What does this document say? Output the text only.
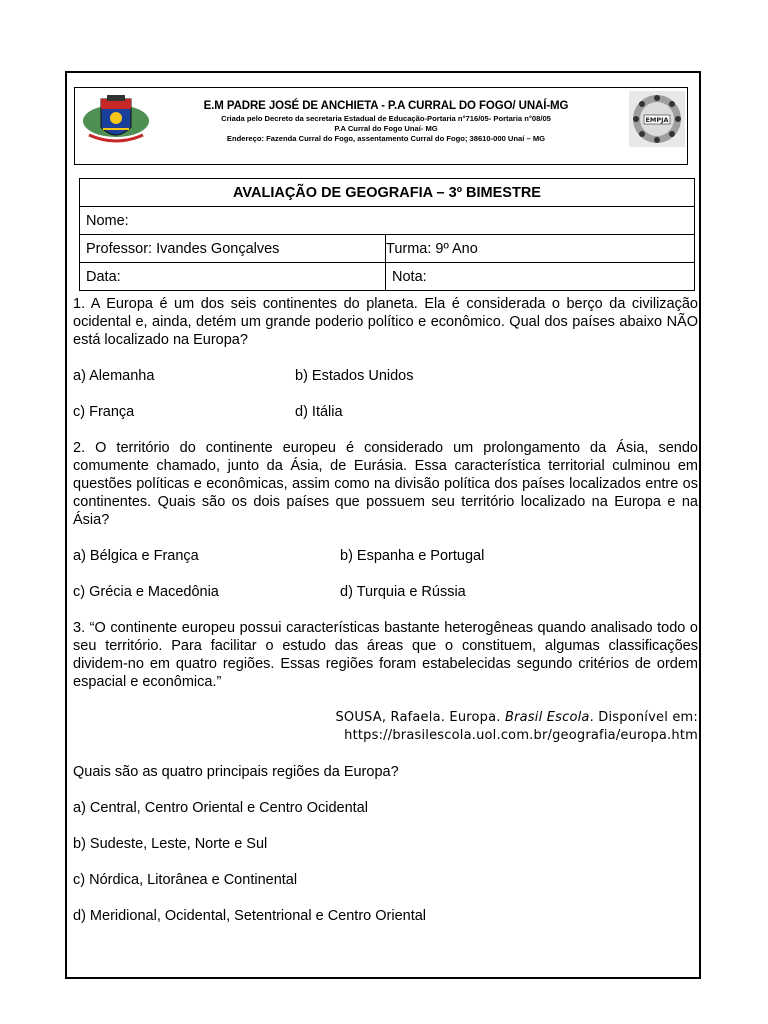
E.M PADRE JOSÉ DE ANCHIETA - P.A CURRAL DO FOGO/ UNAÍ-MG
Criada pelo Decreto da secretaria Estadual de Educação-Portaria n°716/05- Portaria n°08/05
P.A Curral do Fogo Unaí- MG
Endereço: Fazenda Curral do Fogo, assentamento Curral do Fogo; 38610-000 Unaí – MG
EMPJA
AVALIAÇÃO DE GEOGRAFIA – 3º BIMESTRE	
Nome:	
Professor: Ivandes Gonçalves	Turma: 9º Ano
Data:	Nota:

1. A Europa é um dos seis continentes do planeta. Ela é considerada o berço da civilização ocidental e, ainda, detém um grande poderio político e econômico. Qual dos países abaixo NÃO está localizado na Europa?

a) Alemanha	b) Estados Unidos
c) França	d) Itália

2. O território do continente europeu é considerado um prolongamento da Ásia, sendo comumente chamado, junto da Ásia, de Eurásia. Essa característica territorial culminou em questões políticas e econômicas, assim como na divisão política dos países localizados entre os continentes. Quais são os dois países que possuem seu território localizado na Europa e na Ásia?

a) Bélgica e França	b) Espanha e Portugal
c) Grécia e Macedônia	d) Turquia e Rússia

3. “O continente europeu possui características bastante heterogêneas quando analisado todo o seu território. Para facilitar o estudo das áreas que o constituem, algumas classificações dividem-no em quatro regiões. Essas regiões foram estabelecidas segundo critérios de ordem espacial e econômica.”

SOUSA, Rafaela. Europa. Brasil Escola. Disponível em:
https://brasilescola.uol.com.br/geografia/europa.htm
Quais são as quatro principais regiões da Europa?
a) Central, Centro Oriental e Centro Ocidental
b) Sudeste, Leste, Norte e Sul
c) Nórdica, Litorânea e Continental
d) Meridional, Ocidental, Setentrional e Centro Oriental
